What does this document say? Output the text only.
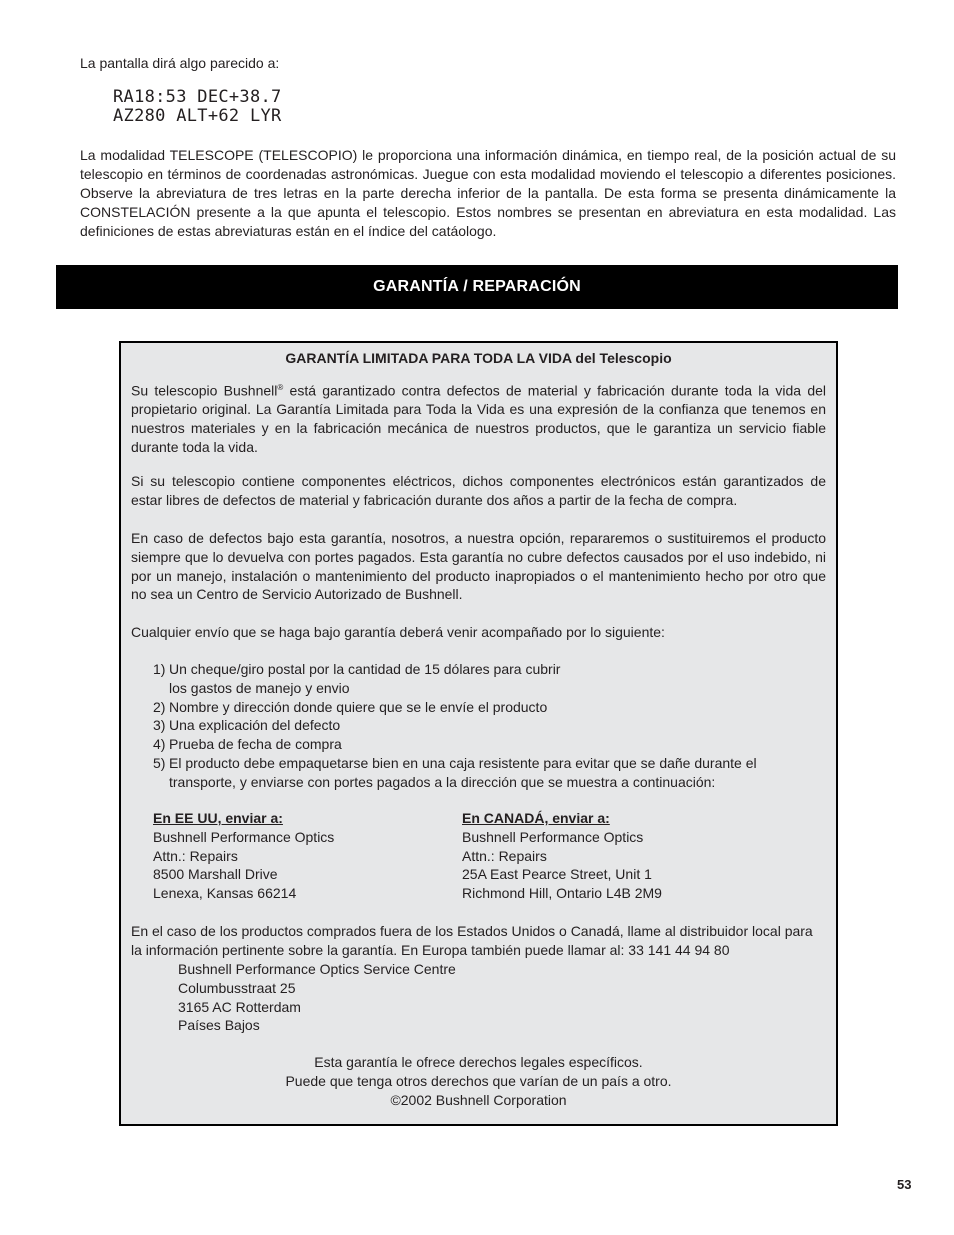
La pantalla dirá algo parecido a:
RA18:53 DEC+38.7
AZ280 ALT+62 LYR
La modalidad TELESCOPE (TELESCOPIO) le proporciona una información dinámica, en tiempo real, de la posición actual de su telescopio en términos de coordenadas astronómicas. Juegue con esta modalidad moviendo el telescopio a diferentes posiciones. Observe la abreviatura de tres letras en la parte derecha inferior de la pantalla. De esta forma se presenta dinámicamente la CONSTELACIÓN presente a la que apunta el telescopio. Estos nombres se presentan en abreviatura en esta modalidad. Las definiciones de estas abreviaturas están en el índice del catáologo.
GARANTÍA / REPARACIÓN
GARANTÍA LIMITADA PARA TODA LA VIDA del Telescopio
Su telescopio Bushnell® está garantizado contra defectos de material y fabricación durante toda la vida del propietario original. La Garantía Limitada para Toda la Vida es una expresión de la confianza que tenemos en nuestros materiales y en la fabricación mecánica de nuestros productos, que le garantiza un servicio fiable durante toda la vida.
Si su telescopio contiene componentes eléctricos, dichos componentes electrónicos están garantizados de estar libres de defectos de material y fabricación durante dos años a partir de la fecha de compra.
En caso de defectos bajo esta garantía, nosotros, a nuestra opción, repararemos o sustituiremos el producto siempre que lo devuelva con portes pagados. Esta garantía no cubre defectos causados por el uso indebido, ni por un manejo, instalación o mantenimiento del producto inapropiados o el mantenimiento hecho por otro que no sea un Centro de Servicio Autorizado de Bushnell.
Cualquier envío que se haga bajo garantía deberá venir acompañado por lo siguiente:
1) Un cheque/giro postal por la cantidad de 15 dólares para cubrir
los gastos de manejo y envio
2) Nombre y dirección donde quiere que se le envíe el producto
3) Una explicación del defecto
4) Prueba de fecha de compra
5) El producto debe empaquetarse bien en una caja resistente para evitar que se dañe durante el
transporte, y enviarse con portes pagados a la dirección que se muestra a continuación:
En EE UU, enviar a:
Bushnell Performance Optics
Attn.: Repairs
8500 Marshall Drive
Lenexa, Kansas 66214
En CANADÁ, enviar a:
Bushnell Performance Optics
Attn.: Repairs
25A East Pearce Street, Unit 1
Richmond Hill, Ontario L4B 2M9
En el caso de los productos comprados fuera de los Estados Unidos o Canadá, llame al distribuidor local para la información pertinente sobre la garantía. En Europa también puede llamar al: 33 141 44 94 80
Bushnell Performance Optics Service Centre
Columbusstraat 25
3165 AC Rotterdam
Países Bajos
Esta garantía le ofrece derechos legales específicos.
Puede que tenga otros derechos que varían de un país a otro.
©2002 Bushnell Corporation
53
